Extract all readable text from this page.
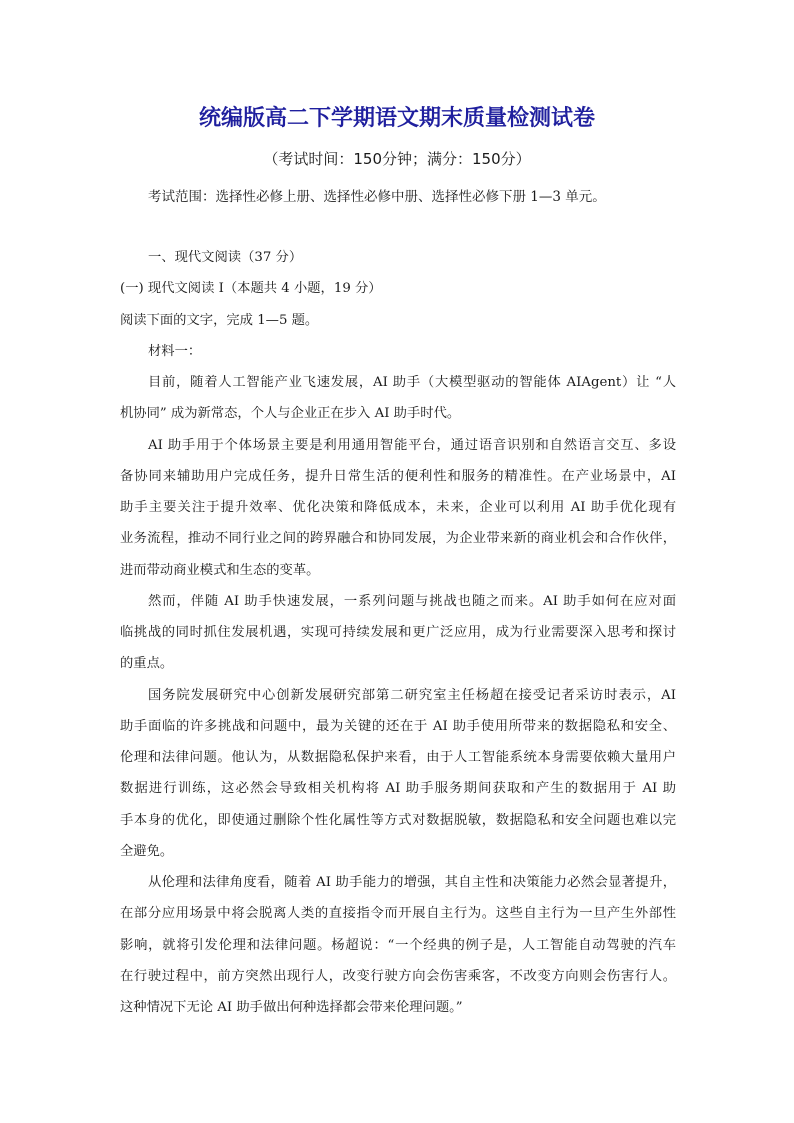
统编版高二下学期语文期末质量检测试卷
（考试时间：150分钟；满分：150分）
考试范围：选择性必修上册、选择性必修中册、选择性必修下册 1—3 单元。
一、现代文阅读（37 分）
(一) 现代文阅读 Ⅰ（本题共 4 小题，19 分）
阅读下面的文字，完成 1—5 题。
材料一：
目前，随着人工智能产业飞速发展，AI 助手（大模型驱动的智能体 AIAgent）让 “人
机协同” 成为新常态，个人与企业正在步入 AI 助手时代。
AI 助手用于个体场景主要是利用通用智能平台，通过语音识别和自然语言交互、多设
备协同来辅助用户完成任务，提升日常生活的便利性和服务的精准性。在产业场景中，AI
助手主要关注于提升效率、优化决策和降低成本，未来，企业可以利用 AI 助手优化现有
业务流程，推动不同行业之间的跨界融合和协同发展，为企业带来新的商业机会和合作伙伴，
进而带动商业模式和生态的变革。
然而，伴随 AI 助手快速发展，一系列问题与挑战也随之而来。AI 助手如何在应对面
临挑战的同时抓住发展机遇，实现可持续发展和更广泛应用，成为行业需要深入思考和探讨
的重点。
国务院发展研究中心创新发展研究部第二研究室主任杨超在接受记者采访时表示，AI
助手面临的许多挑战和问题中，最为关键的还在于 AI 助手使用所带来的数据隐私和安全、
伦理和法律问题。他认为，从数据隐私保护来看，由于人工智能系统本身需要依赖大量用户
数据进行训练，这必然会导致相关机构将 AI 助手服务期间获取和产生的数据用于 AI 助
手本身的优化，即使通过删除个性化属性等方式对数据脱敏，数据隐私和安全问题也难以完
全避免。
从伦理和法律角度看，随着 AI 助手能力的增强，其自主性和决策能力必然会显著提升，
在部分应用场景中将会脱离人类的直接指令而开展自主行为。这些自主行为一旦产生外部性
影响，就将引发伦理和法律问题。杨超说：“一个经典的例子是，人工智能自动驾驶的汽车
在行驶过程中，前方突然出现行人，改变行驶方向会伤害乘客，不改变方向则会伤害行人。
这种情况下无论 AI 助手做出何种选择都会带来伦理问题。”
